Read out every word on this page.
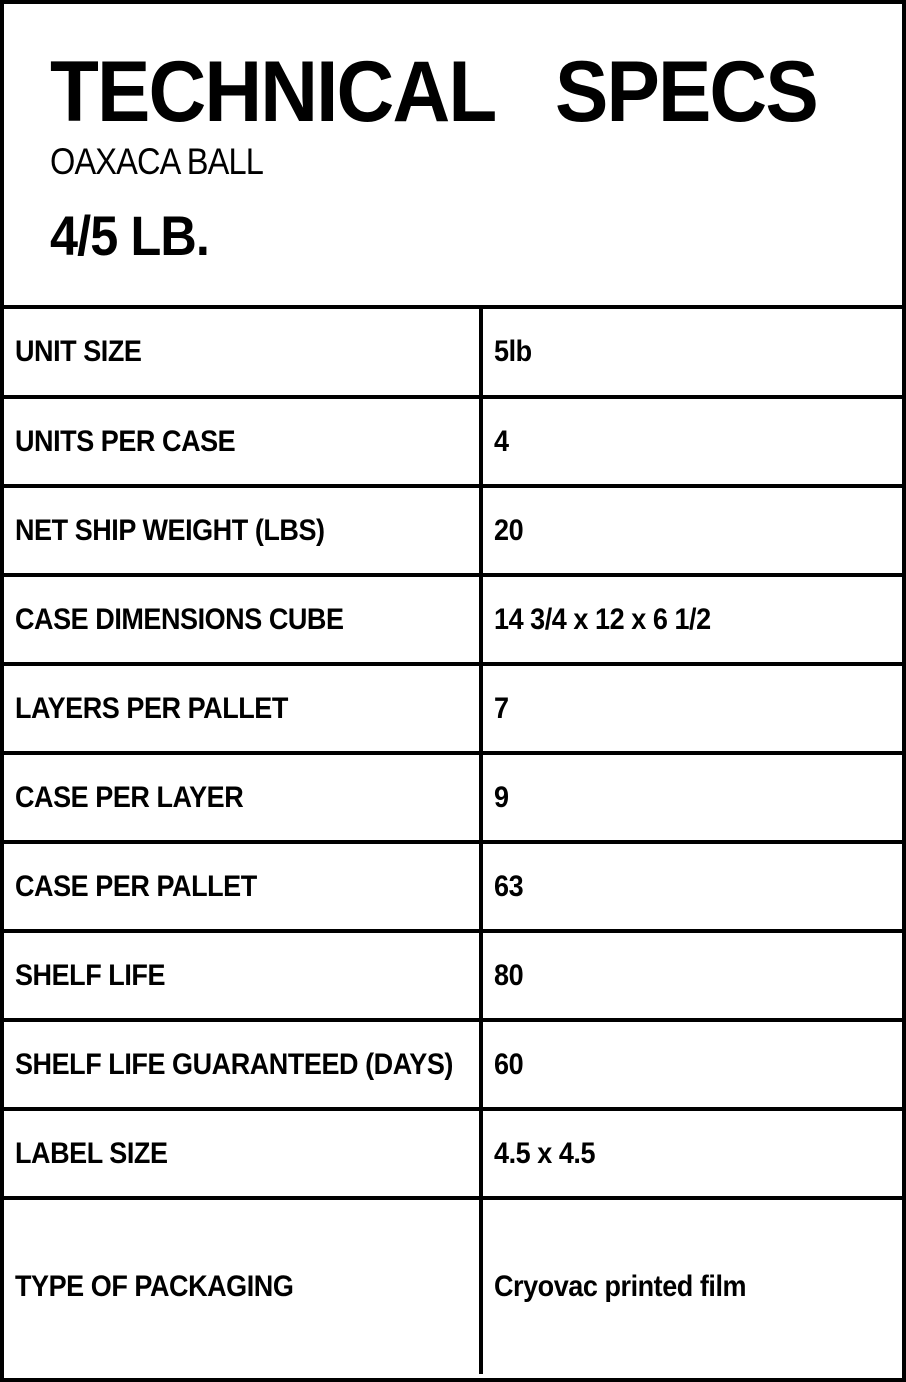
TECHNICAL   SPECS
OAXACA BALL
4/5 LB.
UNIT SIZE	5lb
UNITS PER CASE	4
NET SHIP WEIGHT (LBS)	20
CASE DIMENSIONS CUBE	14 3/4 x 12 x 6 1/2
LAYERS PER PALLET	7
CASE PER LAYER	9
CASE PER PALLET	63
SHELF LIFE	80
SHELF LIFE GUARANTEED (DAYS)	60
LABEL SIZE	4.5 x 4.5
TYPE OF PACKAGING	Cryovac printed film
